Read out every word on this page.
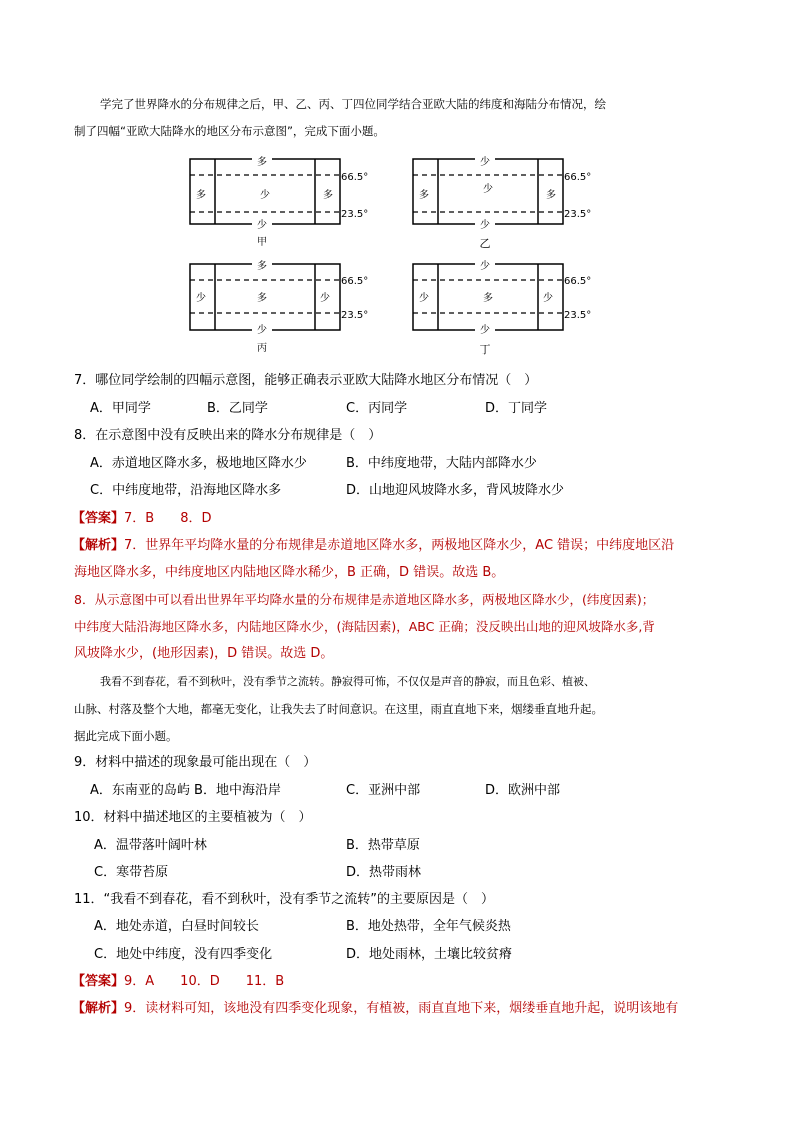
学完了世界降水的分布规律之后，甲、乙、丙、丁四位同学结合亚欧大陆的纬度和海陆分布情况，绘
制了四幅“亚欧大陆降水的地区分布示意图”，完成下面小题。
多
少
多	多
少
66.5°
23.5°
甲
少
少
多	多
少
66.5°
23.5°
乙
多
少
少	少
多
66.5°
23.5°
丙
少
少
少	少
多
66.5°
23.5°
丁
7．哪位同学绘制的四幅示意图，能够正确表示亚欧大陆降水地区分布情况（　）
A．甲同学	B．乙同学	C．丙同学	D．丁同学
8．在示意图中没有反映出来的降水分布规律是（　）
A．赤道地区降水多，极地地区降水少	B．中纬度地带，大陆内部降水少
C．中纬度地带，沿海地区降水多	D．山地迎风坡降水多，背风坡降水少
【答案】7．B　　8．D
【解析】7．世界年平均降水量的分布规律是赤道地区降水多，两极地区降水少，AC 错误；中纬度地区沿
海地区降水多，中纬度地区内陆地区降水稀少，B 正确，D 错误。故选 B。
8．从示意图中可以看出世界年平均降水量的分布规律是赤道地区降水多，两极地区降水少，(纬度因素)；
中纬度大陆沿海地区降水多，内陆地区降水少，(海陆因素)，ABC 正确；没反映出山地的迎风坡降水多,背
风坡降水少，(地形因素)，D 错误。故选 D。
我看不到春花，看不到秋叶，没有季节之流转。静寂得可怖，不仅仅是声音的静寂，而且色彩、植被、
山脉、村落及整个大地，都毫无变化，让我失去了时间意识。在这里，雨直直地下来，烟缕垂直地升起。
据此完成下面小题。
9．材料中描述的现象最可能出现在（　）
A．东南亚的岛屿 B．地中海沿岸	C．亚洲中部	D．欧洲中部
10．材料中描述地区的主要植被为（　）
A．温带落叶阔叶林	B．热带草原
C．寒带苔原	D．热带雨林
11．“我看不到春花，看不到秋叶，没有季节之流转”的主要原因是（　）
A．地处赤道，白昼时间较长	B．地处热带，全年气候炎热
C．地处中纬度，没有四季变化	D．地处雨林，土壤比较贫瘠
【答案】9．A　　10．D　　11．B
【解析】9．读材料可知，该地没有四季变化现象，有植被，雨直直地下来，烟缕垂直地升起，说明该地有
